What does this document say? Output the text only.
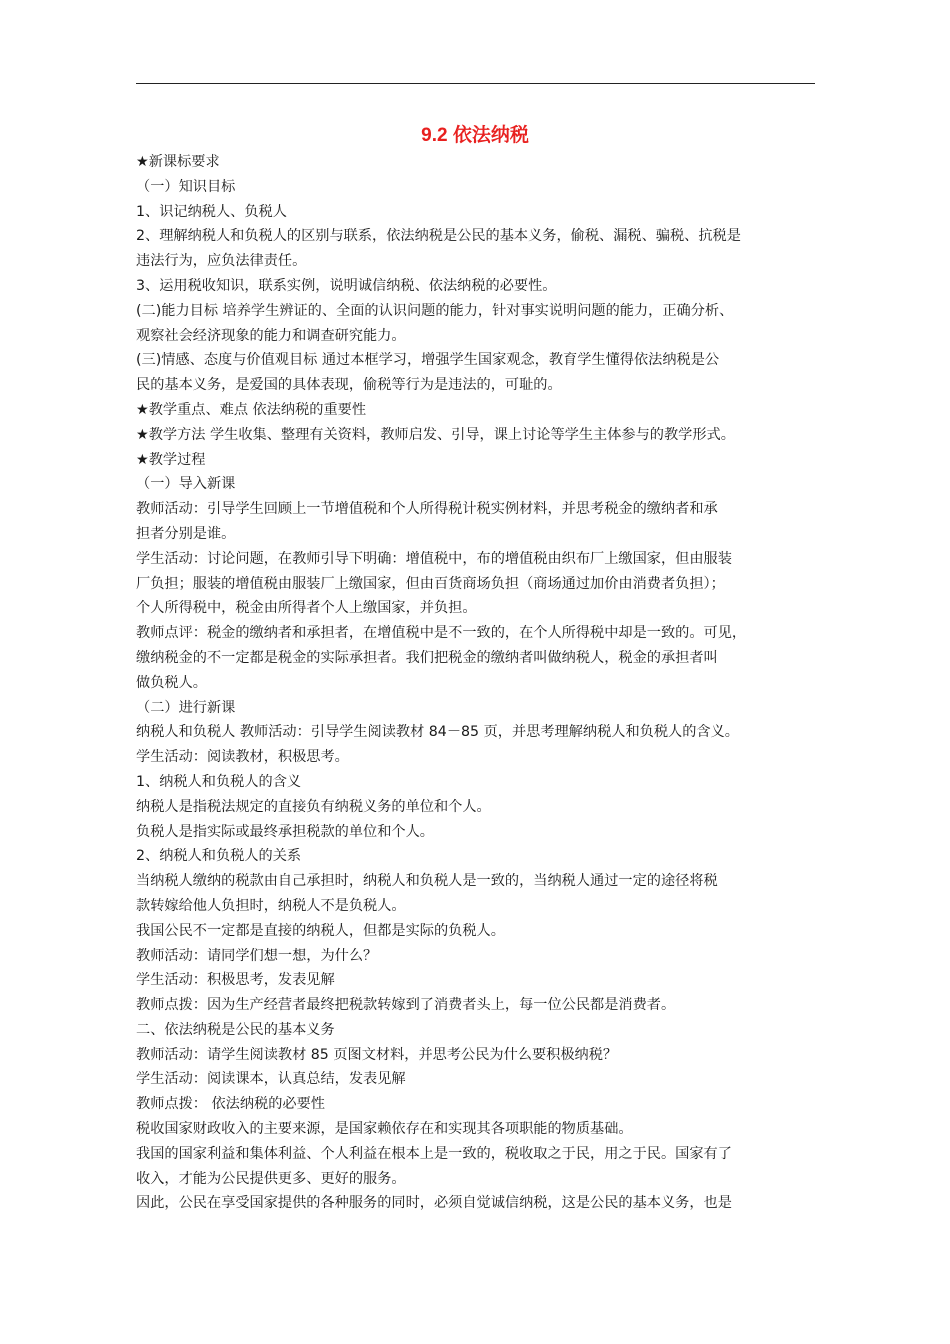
9.2 依法纳税
★新课标要求
（一）知识目标
1、识记纳税人、负税人
2、理解纳税人和负税人的区别与联系，依法纳税是公民的基本义务，偷税、漏税、骗税、抗税是
违法行为，应负法律责任。
3、运用税收知识，联系实例，说明诚信纳税、依法纳税的必要性。
(二)能力目标 培养学生辨证的、全面的认识问题的能力，针对事实说明问题的能力，正确分析、
观察社会经济现象的能力和调查研究能力。
(三)情感、态度与价值观目标 通过本框学习，增强学生国家观念，教育学生懂得依法纳税是公
民的基本义务，是爱国的具体表现，偷税等行为是违法的，可耻的。
★教学重点、难点 依法纳税的重要性
★教学方法 学生收集、整理有关资料，教师启发、引导，课上讨论等学生主体参与的教学形式。
★教学过程
（一）导入新课
教师活动：引导学生回顾上一节增值税和个人所得税计税实例材料，并思考税金的缴纳者和承
担者分别是谁。
学生活动：讨论问题，在教师引导下明确：增值税中，布的增值税由织布厂上缴国家，但由服装
厂负担；服装的增值税由服装厂上缴国家，但由百货商场负担（商场通过加价由消费者负担）；
个人所得税中，税金由所得者个人上缴国家，并负担。
教师点评：税金的缴纳者和承担者，在增值税中是不一致的，在个人所得税中却是一致的。可见，
缴纳税金的不一定都是税金的实际承担者。我们把税金的缴纳者叫做纳税人，税金的承担者叫
做负税人。
（二）进行新课
纳税人和负税人 教师活动：引导学生阅读教材 84－85 页，并思考理解纳税人和负税人的含义。
学生活动：阅读教材，积极思考。
1、纳税人和负税人的含义
纳税人是指税法规定的直接负有纳税义务的单位和个人。
负税人是指实际或最终承担税款的单位和个人。
2、纳税人和负税人的关系
当纳税人缴纳的税款由自己承担时，纳税人和负税人是一致的，当纳税人通过一定的途径将税
款转嫁给他人负担时，纳税人不是负税人。
我国公民不一定都是直接的纳税人，但都是实际的负税人。
教师活动：请同学们想一想，为什么？
学生活动：积极思考，发表见解
教师点拨：因为生产经营者最终把税款转嫁到了消费者头上，每一位公民都是消费者。
二、依法纳税是公民的基本义务
教师活动：请学生阅读教材 85 页图文材料，并思考公民为什么要积极纳税？
学生活动：阅读课本，认真总结，发表见解
教师点拨： 依法纳税的必要性
税收国家财政收入的主要来源，是国家赖依存在和实现其各项职能的物质基础。
我国的国家利益和集体利益、个人利益在根本上是一致的，税收取之于民，用之于民。国家有了
收入，才能为公民提供更多、更好的服务。
因此，公民在享受国家提供的各种服务的同时，必须自觉诚信纳税，这是公民的基本义务，也是
